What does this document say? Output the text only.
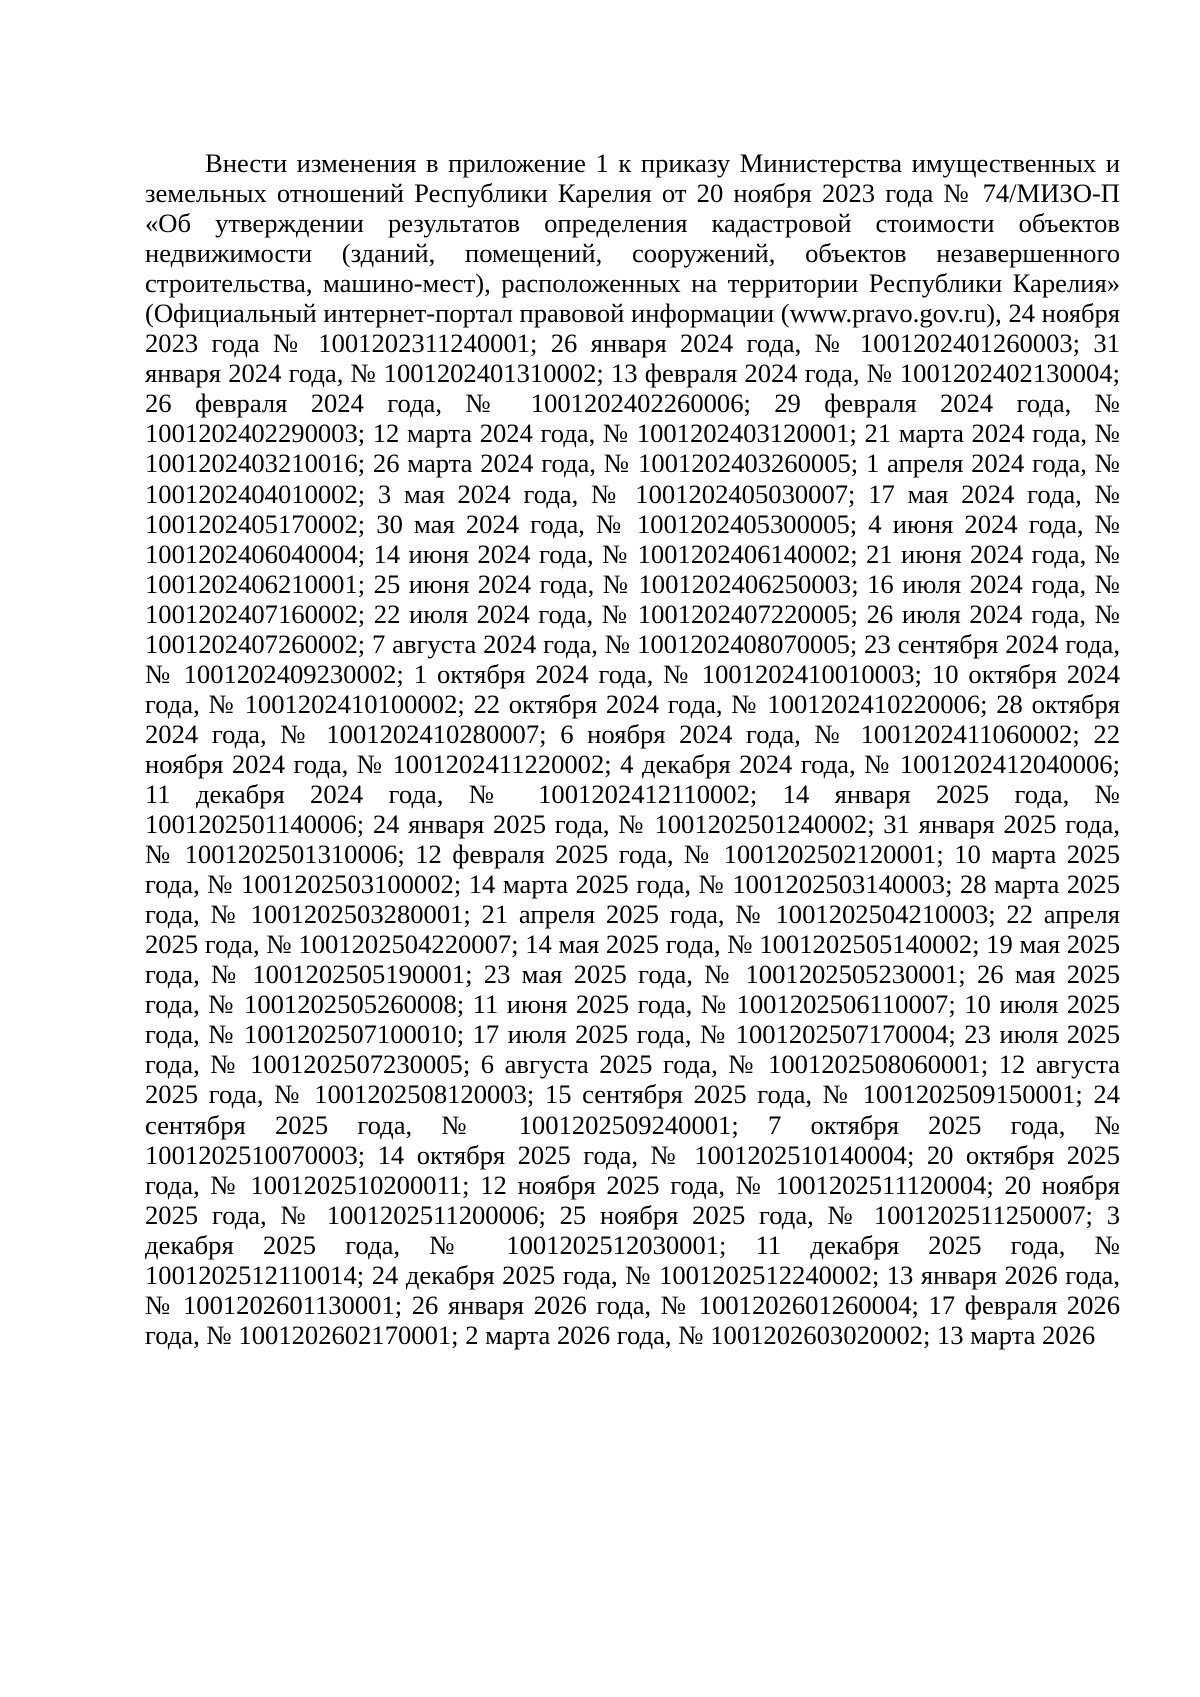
Внести изменения в приложение 1 к приказу Министерства имущественных и земельных отношений Республики Карелия от 20 ноября 2023 года № 74/МИЗО-П «Об утверждении результатов определения кадастровой стоимости объектов недвижимости (зданий, помещений, сооружений, объектов незавершенного строительства, машино-мест), расположенных на территории Республики Карелия» (Официальный интернет-портал правовой информации (www.pravo.gov.ru), 24 ноября 2023 года № 1001202311240001; 26 января 2024 года, № 1001202401260003; 31 января 2024 года, № 1001202401310002; 13 февраля 2024 года, № 1001202402130004; 26 февраля 2024 года, № 1001202402260006; 29 февраля 2024 года, № 1001202402290003; 12 марта 2024 года, № 1001202403120001; 21 марта 2024 года, № 1001202403210016; 26 марта 2024 года, № 1001202403260005; 1 апреля 2024 года, № 1001202404010002; 3 мая 2024 года, № 1001202405030007; 17 мая 2024 года, № 1001202405170002; 30 мая 2024 года, № 1001202405300005; 4 июня 2024 года, № 1001202406040004; 14 июня 2024 года, № 1001202406140002; 21 июня 2024 года, № 1001202406210001; 25 июня 2024 года, № 1001202406250003; 16 июля 2024 года, № 1001202407160002; 22 июля 2024 года, № 1001202407220005; 26 июля 2024 года, № 1001202407260002; 7 августа 2024 года, № 1001202408070005; 23 сентября 2024 года, № 1001202409230002; 1 октября 2024 года, № 1001202410010003; 10 октября 2024 года, № 1001202410100002; 22 октября 2024 года, № 1001202410220006; 28 октября 2024 года, № 1001202410280007; 6 ноября 2024 года, № 1001202411060002; 22 ноября 2024 года, № 1001202411220002; 4 декабря 2024 года, № 1001202412040006; 11 декабря 2024 года, № 1001202412110002; 14 января 2025 года, № 1001202501140006; 24 января 2025 года, № 1001202501240002; 31 января 2025 года, № 1001202501310006; 12 февраля 2025 года, № 1001202502120001; 10 марта 2025 года, № 1001202503100002; 14 марта 2025 года, № 1001202503140003; 28 марта 2025 года, № 1001202503280001; 21 апреля 2025 года, № 1001202504210003; 22 апреля 2025 года, № 1001202504220007; 14 мая 2025 года, № 1001202505140002; 19 мая 2025 года, № 1001202505190001; 23 мая 2025 года, № 1001202505230001; 26 мая 2025 года, № 1001202505260008; 11 июня 2025 года, № 1001202506110007; 10 июля 2025 года, № 1001202507100010; 17 июля 2025 года, № 1001202507170004; 23 июля 2025 года, № 1001202507230005; 6 августа 2025 года, № 1001202508060001; 12 августа 2025 года, № 1001202508120003; 15 сентября 2025 года, № 1001202509150001; 24 сентября 2025 года, № 1001202509240001; 7 октября 2025 года, № 1001202510070003; 14 октября 2025 года, № 1001202510140004; 20 октября 2025 года, № 1001202510200011; 12 ноября 2025 года, № 1001202511120004; 20 ноября 2025 года, № 1001202511200006; 25 ноября 2025 года, № 1001202511250007; 3 декабря 2025 года, № 1001202512030001; 11 декабря 2025 года, № 1001202512110014; 24 декабря 2025 года, № 1001202512240002; 13 января 2026 года, № 1001202601130001; 26 января 2026 года, № 1001202601260004; 17 февраля 2026 года, № 1001202602170001; 2 марта 2026 года, № 1001202603020002; 13 марта 2026
